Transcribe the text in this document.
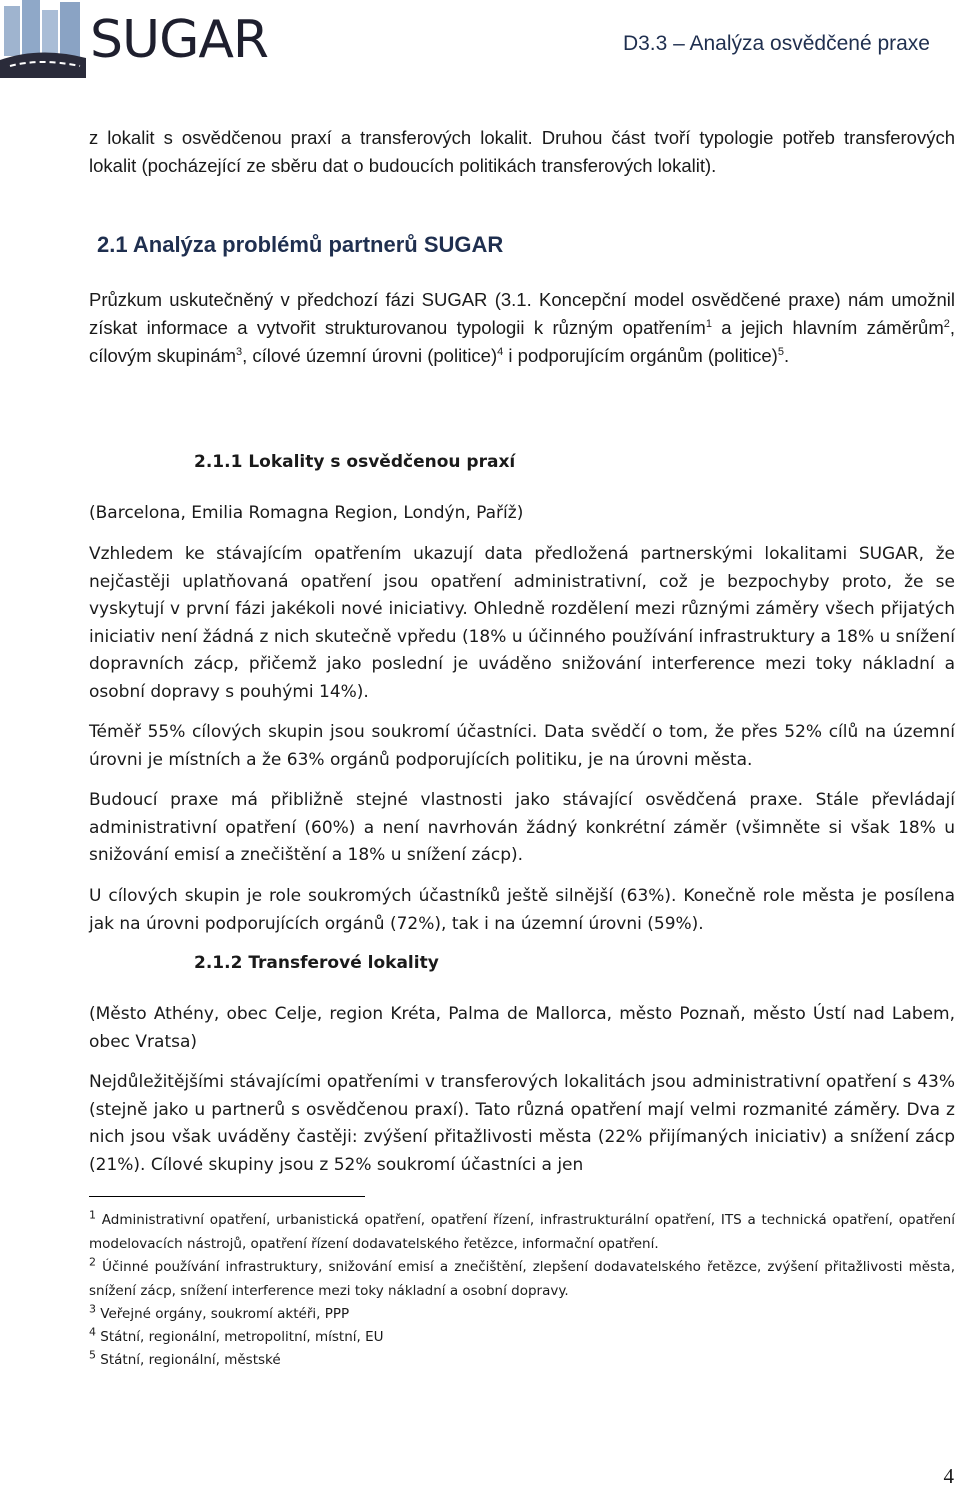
SUGAR	D3.3 – Analýza osvědčené praxe

z lokalit s osvědčenou praxí a transferových lokalit. Druhou část tvoří typologie potřeb transferových lokalit (pocházející ze sběru dat o budoucích politikách transferových lokalit).

2.1 Analýza problémů partnerů SUGAR

Průzkum uskutečněný v předchozí fázi SUGAR (3.1. Koncepční model osvědčené praxe) nám umožnil získat informace a vytvořit strukturovanou typologii k různým opatřením$^1$ a jejich hlavním záměrům$^2$, cílovým skupinám$^3$, cílové územní úrovni (politice)$^4$ i podporujícím orgánům (politice)$^5$.

2.1.1 Lokality s osvědčenou praxí

(Barcelona, Emilia Romagna Region, Londýn, Paříž)

Vzhledem ke stávajícím opatřením ukazují data předložená partnerskými lokalitami SUGAR, že nejčastěji uplatňovaná opatření jsou opatření administrativní, což je bezpochyby proto, že se vyskytují v první fázi jakékoli nové iniciativy. Ohledně rozdělení mezi různými záměry všech přijatých iniciativ není žádná z nich skutečně vpředu (18% u účinného používání infrastruktury a 18% u snížení dopravních zácp, přičemž jako poslední je uváděno snižování interference mezi toky nákladní a osobní dopravy s pouhými 14%).

Téměř 55% cílových skupin jsou soukromí účastníci. Data svědčí o tom, že přes 52% cílů na územní úrovni je místních a že 63% orgánů podporujících politiku, je na úrovni města.

Budoucí praxe má přibližně stejné vlastnosti jako stávající osvědčená praxe. Stále převládají administrativní opatření (60%) a není navrhován žádný konkrétní záměr (všimněte si však 18% u snižování emisí a znečištění a 18% u snížení zácp).

U cílových skupin je role soukromých účastníků ještě silnější (63%). Konečně role města je posílena jak na úrovni podporujících orgánů (72%), tak i na územní úrovni (59%).

2.1.2 Transferové lokality

(Město Athény, obec Celje, region Kréta, Palma de Mallorca, město Poznaň, město Ústí nad Labem, obec Vratsa)

Nejdůležitějšími stávajícími opatřeními v transferových lokalitách jsou administrativní opatření s 43% (stejně jako u partnerů s osvědčenou praxí). Tato různá opatření mají velmi rozmanité záměry. Dva z nich jsou však uváděny častěji: zvýšení přitažlivosti města (22% přijímaných iniciativ) a snížení zácp (21%). Cílové skupiny jsou z 52% soukromí účastníci a jen

$^1$ Administrativní opatření, urbanistická opatření, opatření řízení, infrastrukturální opatření, ITS a technická opatření, opatření modelovacích nástrojů, opatření řízení dodavatelského řetězce, informační opatření.

$^2$ Účinné používání infrastruktury, snižování emisí a znečištění, zlepšení dodavatelského řetězce, zvýšení přitažlivosti města, snížení zácp, snížení interference mezi toky nákladní a osobní dopravy.

$^3$ Veřejné orgány, soukromí aktéři, PPP

$^4$ Státní, regionální, metropolitní, místní, EU

$^5$ Státní, regionální, městské

4
